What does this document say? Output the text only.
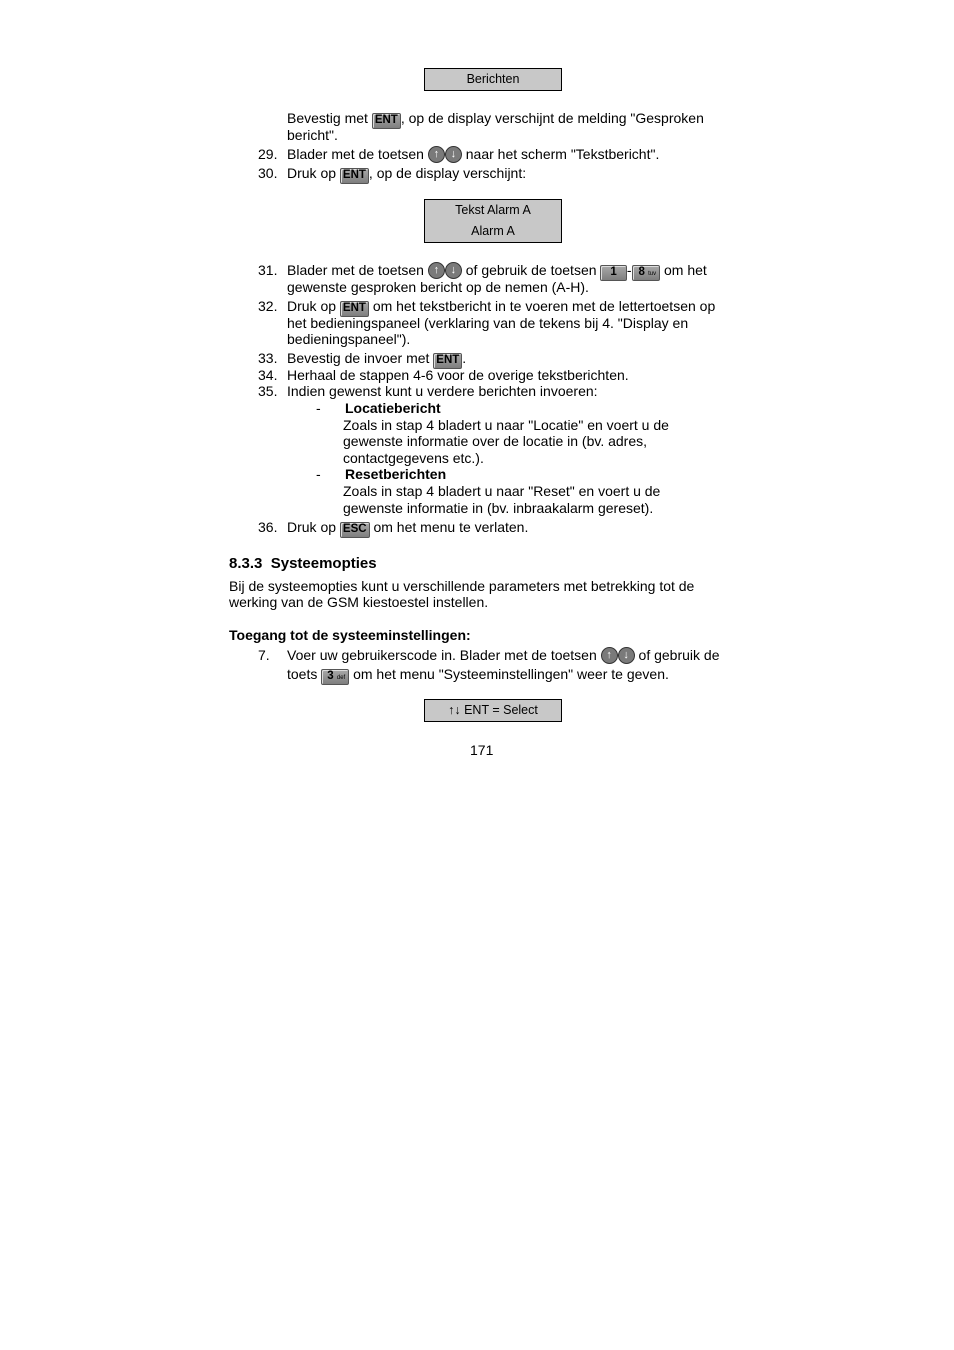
Berichten
Bevestig met ENT , op de display verschijnt de melding "Gesproken
bericht".
29. Blader met de toetsen ↑ ↓ naar het scherm "Tekstbericht".
30. Druk op ENT , op de display verschijnt:
Tekst Alarm A
Alarm A
31. Blader met de toetsen ↑ ↓ of gebruik de toetsen 1 - 8 tuv om het
gewenste gesproken bericht op de nemen (A-H).
32. Druk op ENT om het tekstbericht in te voeren met de lettertoetsen op
het bedieningspaneel (verklaring van de tekens bij 4. "Display en
bedieningspaneel").
33. Bevestig de invoer met ENT .
34. Herhaal de stappen 4-6 voor de overige tekstberichten.
35. Indien gewenst kunt u verdere berichten invoeren:
- Locatiebericht
Zoals in stap 4 bladert u naar "Locatie" en voert u de
gewenste informatie over de locatie in (bv. adres,
contactgegevens etc.).
- Resetberichten
Zoals in stap 4 bladert u naar "Reset" en voert u de
gewenste informatie in (bv. inbraakalarm gereset).
36. Druk op ESC om het menu te verlaten.
8.3.3 Systeemopties
Bij de systeemopties kunt u verschillende parameters met betrekking tot de
werking van de GSM kiestoestel instellen.
Toegang tot de systeeminstellingen:
7. Voer uw gebruikerscode in. Blader met de toetsen ↑ ↓ of gebruik de
toets 3 def om het menu "Systeeminstellingen" weer te geven.
↑↓ ENT = Select
171
